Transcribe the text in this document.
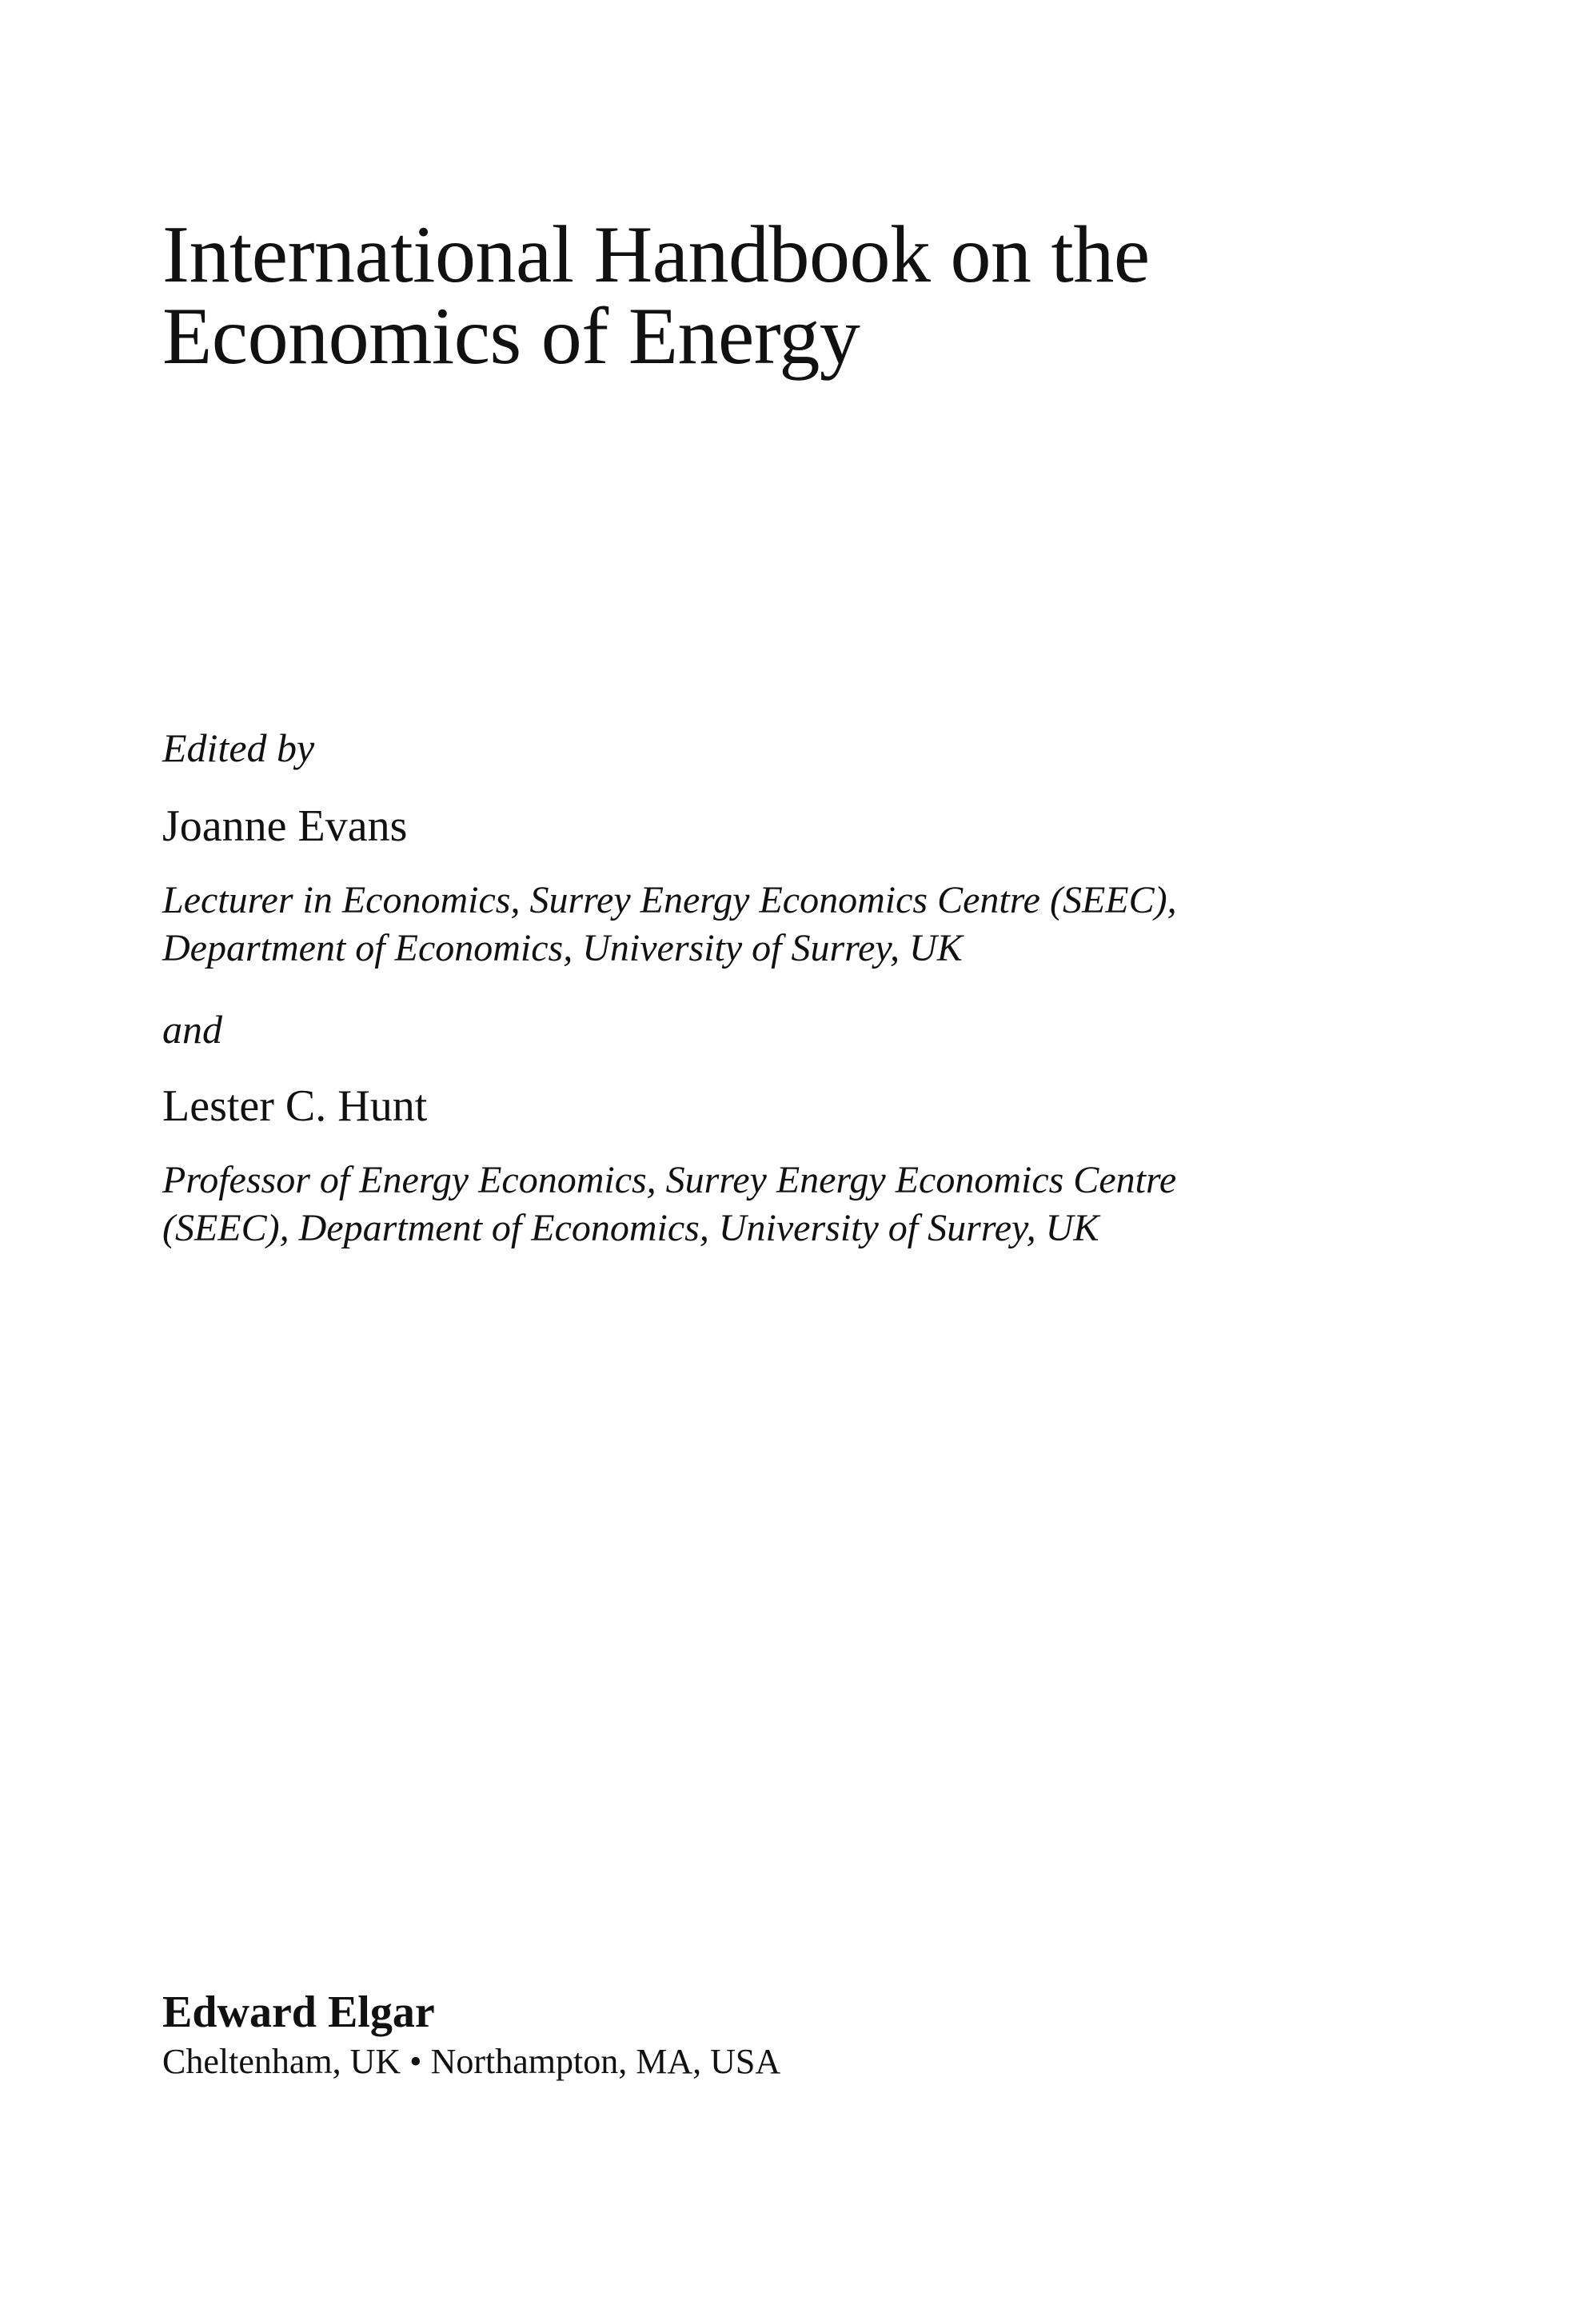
International Handbook on the
Economics of Energy
Edited by
Joanne Evans
Lecturer in Economics, Surrey Energy Economics Centre (SEEC),
Department of Economics, University of Surrey, UK
and
Lester C. Hunt
Professor of Energy Economics, Surrey Energy Economics Centre
(SEEC), Department of Economics, University of Surrey, UK
Edward Elgar
Cheltenham, UK • Northampton, MA, USA
